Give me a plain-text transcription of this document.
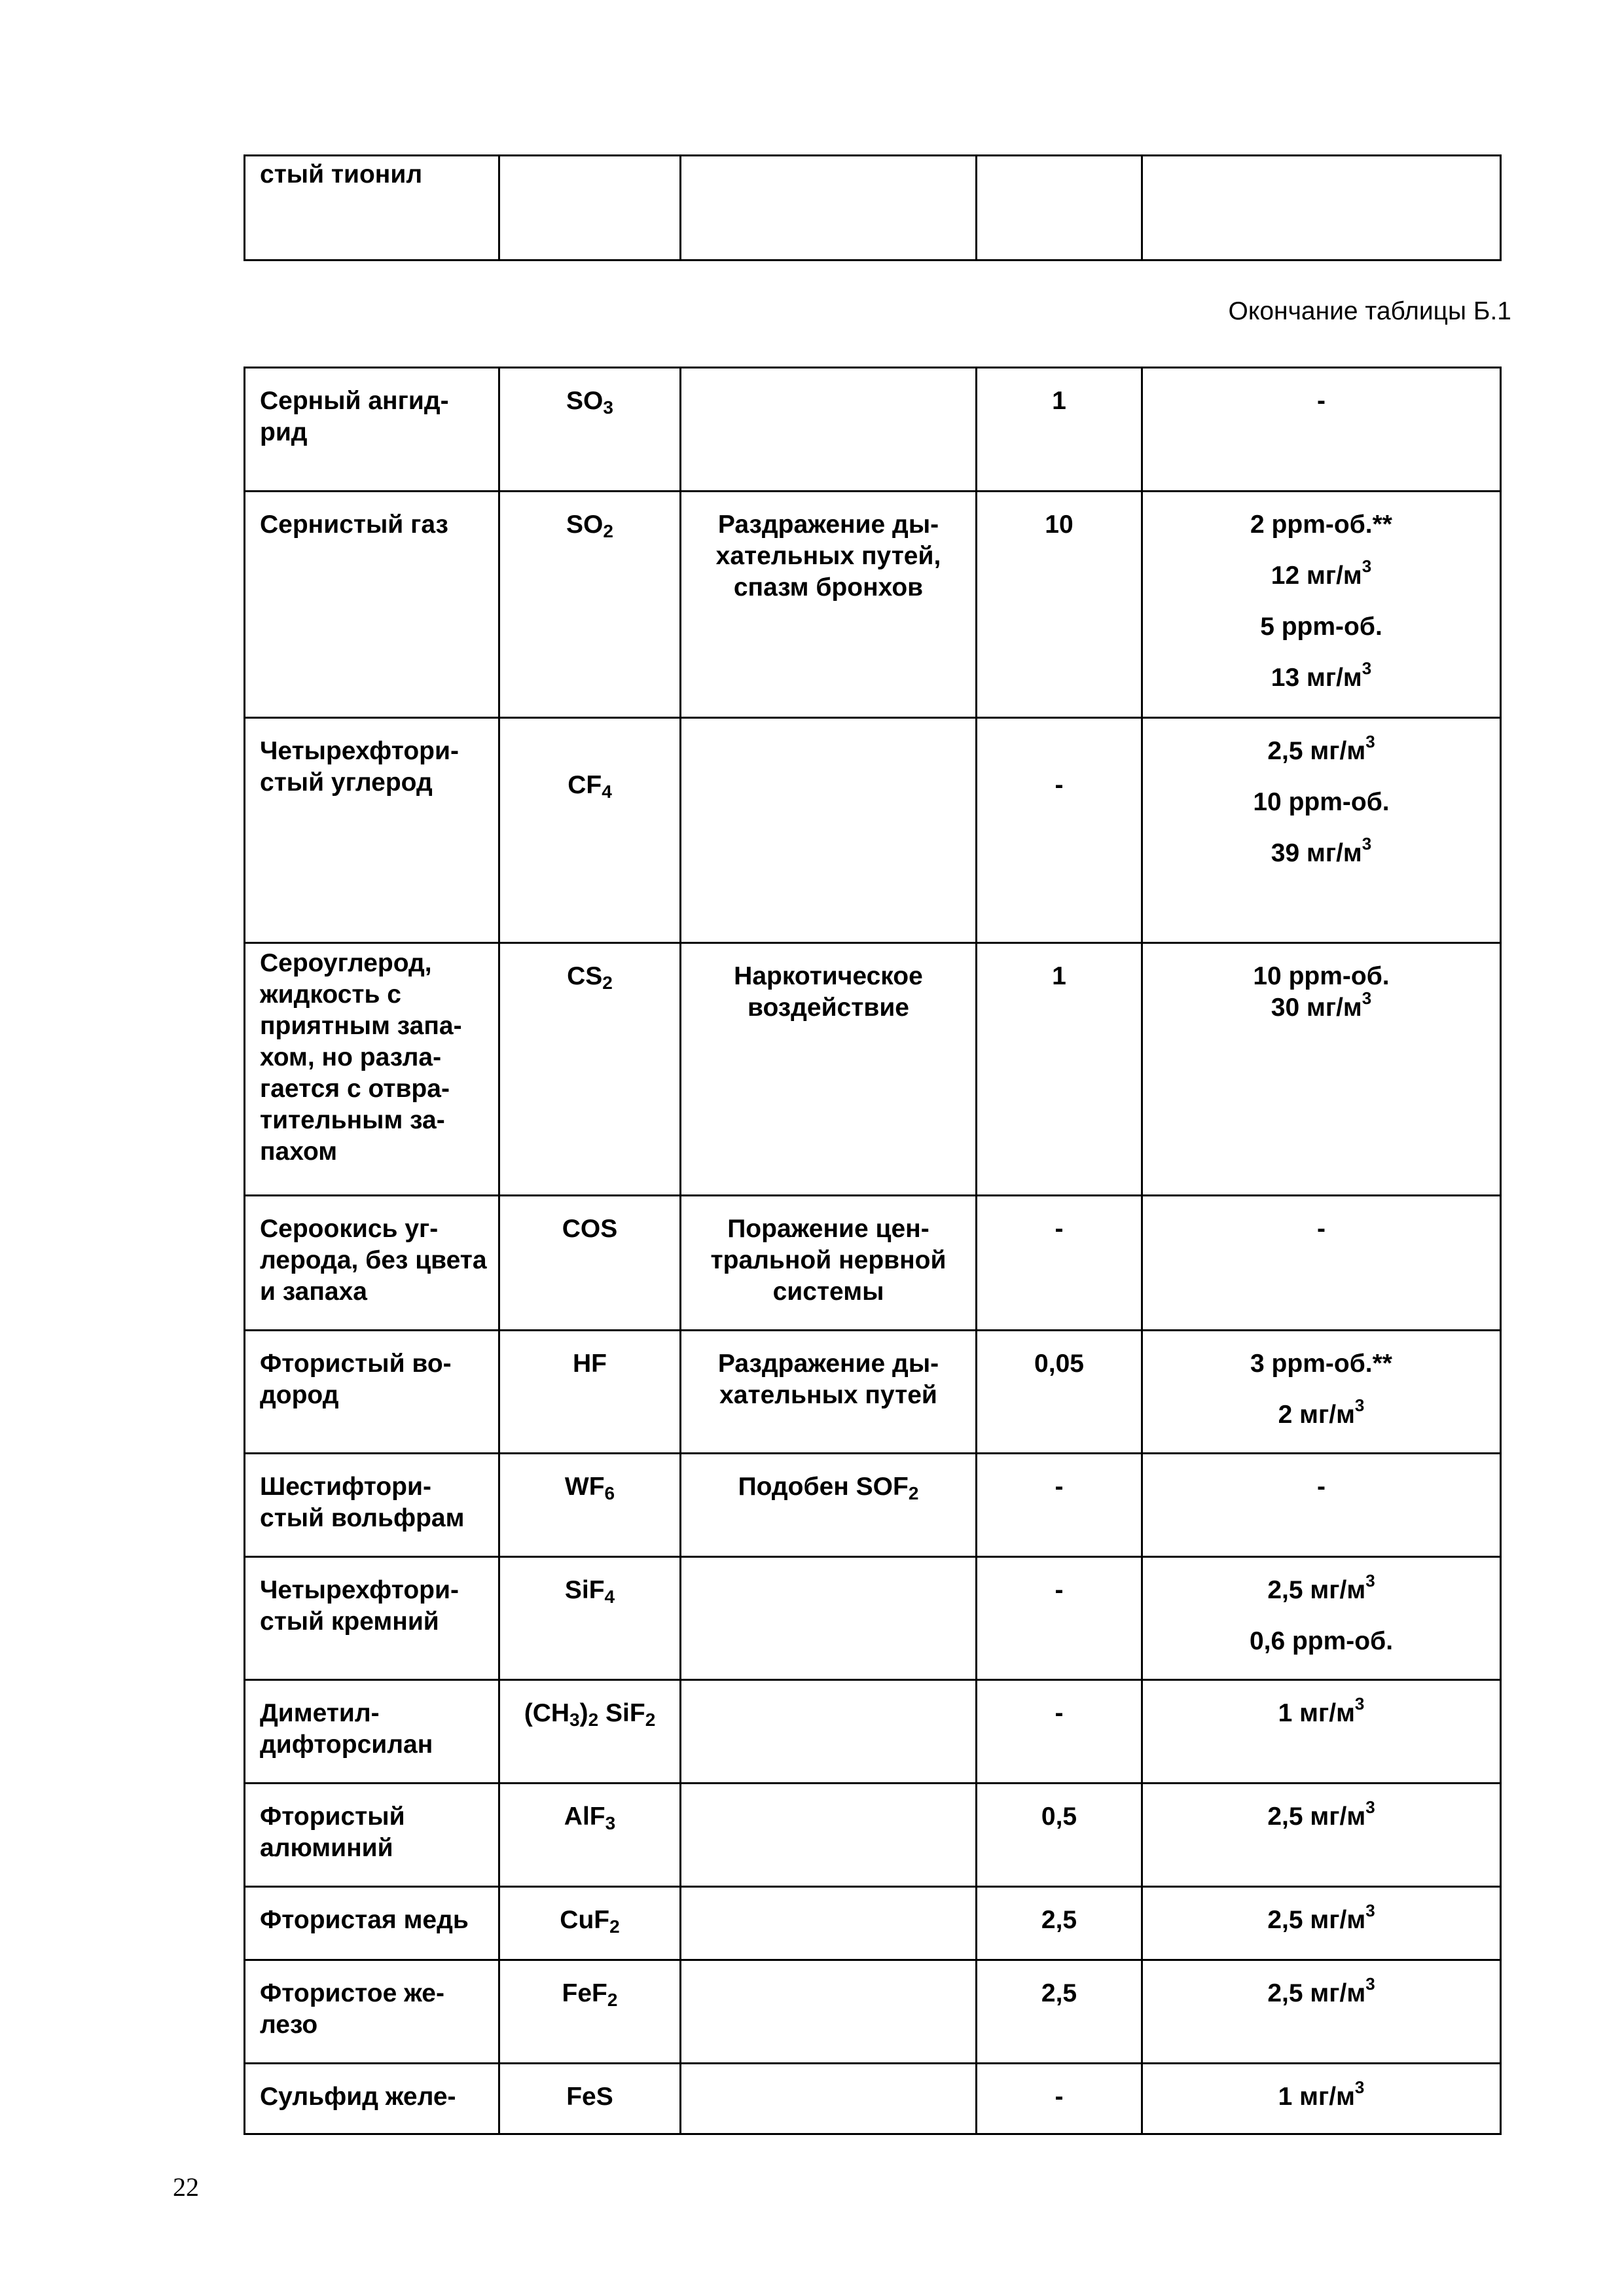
стый тионил				
Окончание таблицы Б.1
Серный ангид-рид	$SO_3$		1	-

Сернистый газ	$SO_2$	Раздражение ды-хательных путей, спазм бронхов	10	2 ppm-об.**
12 $мг/м^3$
5 ppm-об.
13 $мг/м^3$

Четырехфтори-стый углерод	$CF_4$		-	2,5 $мг/м^3$
10 ppm-об.
39 $мг/м^3$

Сероуглерод, жидкость с приятным запа-хом, но разла-гается с отвра-тительным за-пахом	$CS_2$	Наркотическое воздействие	1	10 ppm-об.
30 $мг/м^3$

Сероокись уг-лерода, без цвета и запаха	COS	Поражение цен-тральной нервной системы	-	-

Фтористый во-дород	HF	Раздражение ды-хательных путей	0,05	3 ppm-об.**
2 $мг/м^3$

Шестифтори-стый вольфрам	$WF_6$	Подобен $SOF_2$	-	-

Четырехфтори-стый кремний	SiF$_4$		-	2,5 $мг/м^3$
0,6 ppm-об.

Диметил-дифторсилан	$(CH_3)_2$ SiF$_2$		-	1 $мг/м^3$

Фтористый алюминий	AlF$_3$		0,5	2,5 $мг/м^3$

Фтористая медь	CuF$_2$		2,5	2,5 $мг/м^3$

Фтористое же-лезо	FeF$_2$		2,5	2,5 $мг/м^3$

Сульфид желе-	FeS		-	1 $мг/м^3$
22
